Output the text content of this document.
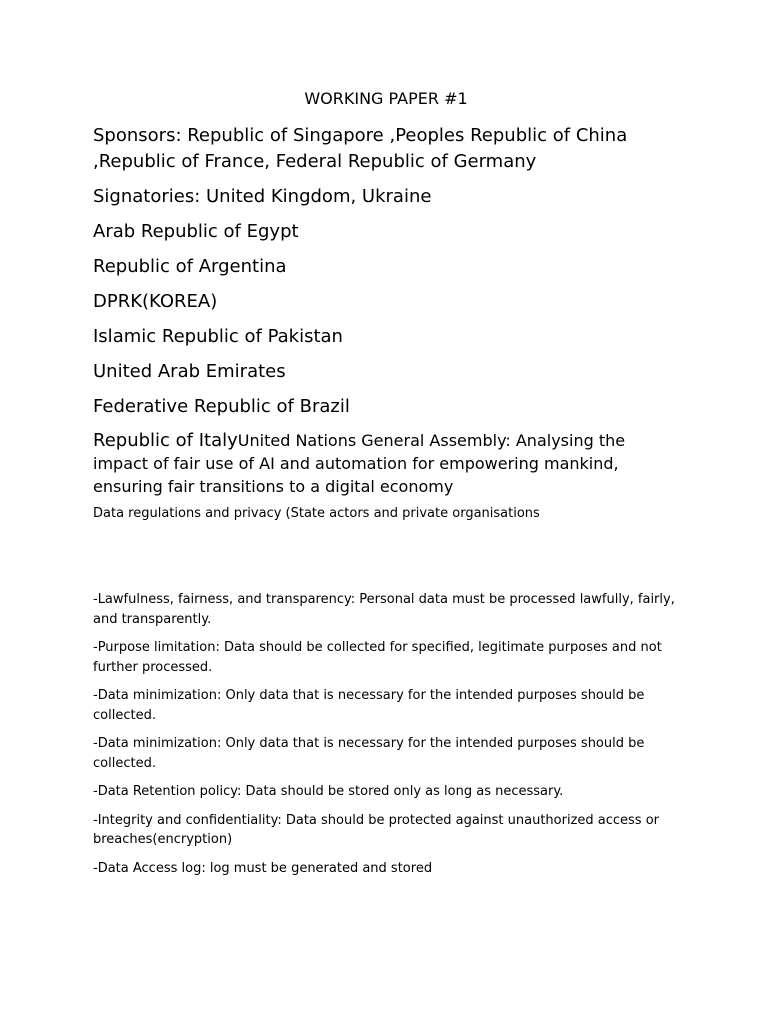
WORKING PAPER #1

Sponsors: Republic of Singapore ,Peoples Republic of China ,Republic of France, Federal Republic of Germany

Signatories: United Kingdom, Ukraine

Arab Republic of Egypt

Republic of Argentina

DPRK(KOREA)

Islamic Republic of Pakistan

United Arab Emirates

Federative Republic of Brazil

Republic of ItalyUnited Nations General Assembly: Analysing the impact of fair use of AI and automation for empowering mankind, ensuring fair transitions to a digital economy

Data regulations and privacy (State actors and private organisations

-Lawfulness, fairness, and transparency: Personal data must be processed lawfully, fairly, and transparently.

-Purpose limitation: Data should be collected for specified, legitimate purposes and not further processed.

-Data minimization: Only data that is necessary for the intended purposes should be collected.

-Data minimization: Only data that is necessary for the intended purposes should be collected.

-Data Retention policy: Data should be stored only as long as necessary.

-Integrity and confidentiality: Data should be protected against unauthorized access or breaches(encryption)

-Data Access log: log must be generated and stored
